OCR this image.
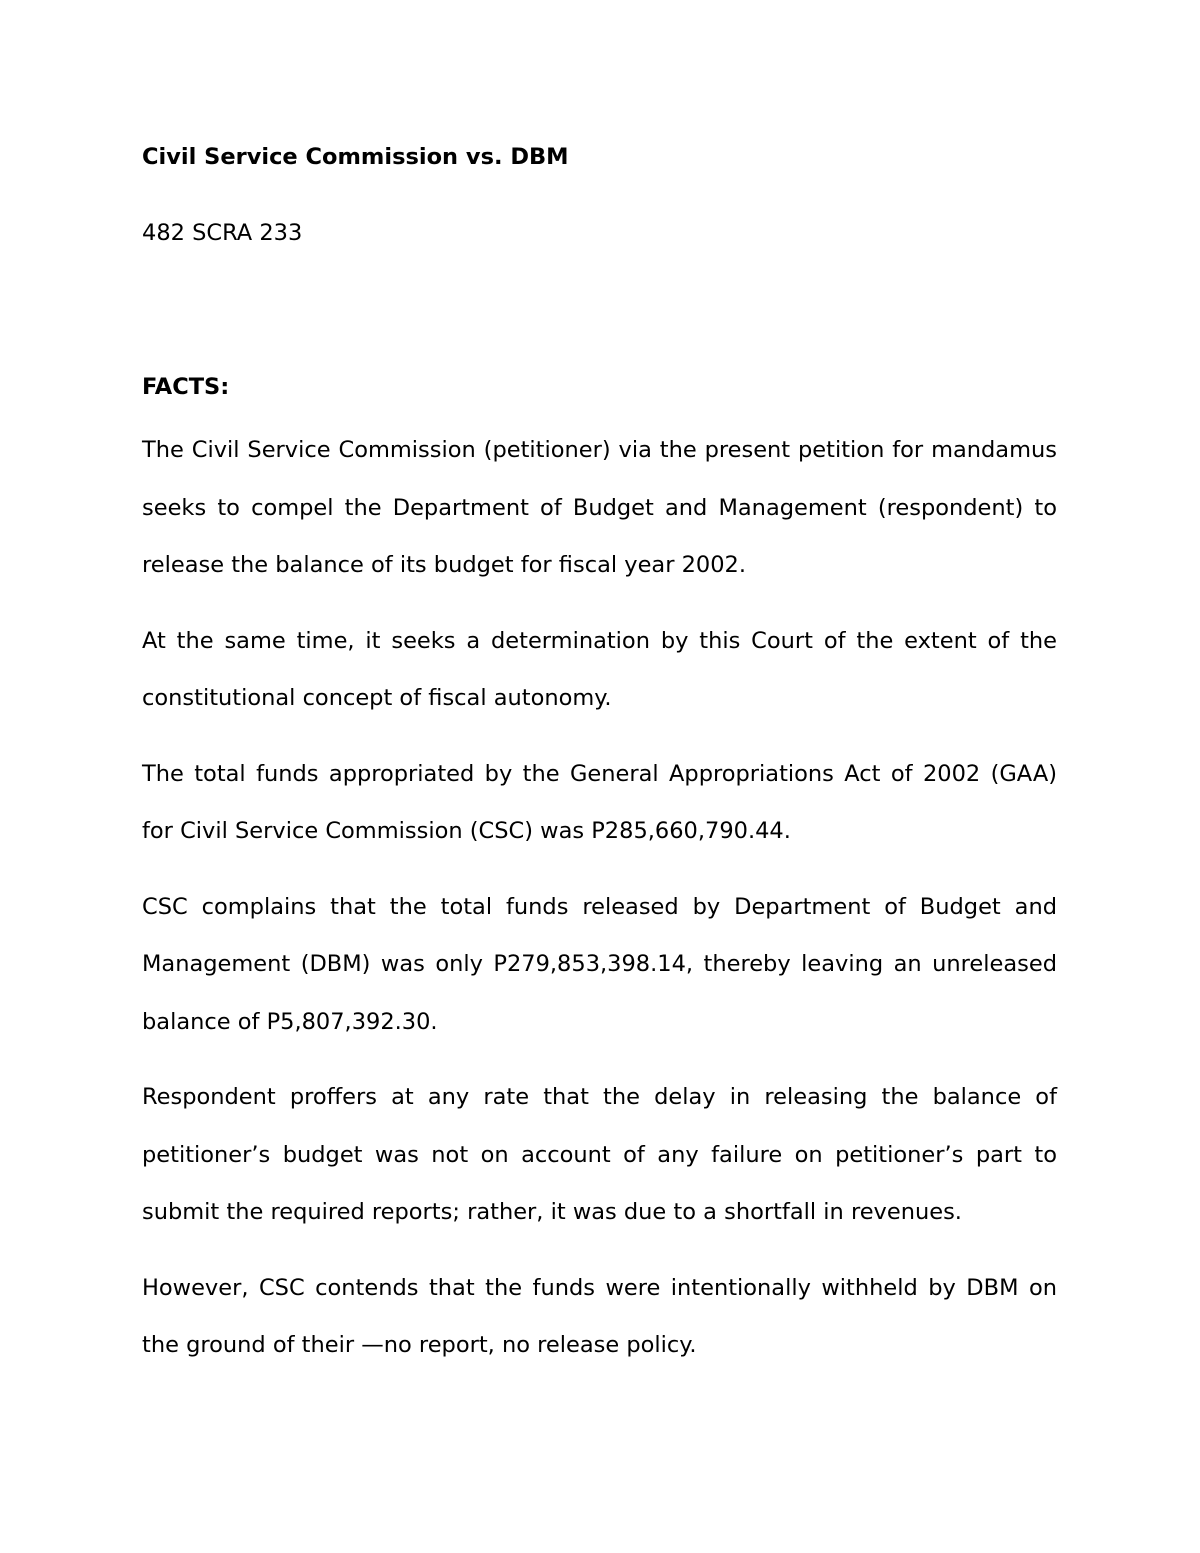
Civil Service Commission vs. DBM

482 SCRA 233

FACTS:

The Civil Service Commission (petitioner) via the present petition for mandamus seeks to compel the Department of Budget and Management (respondent) to release the balance of its budget for fiscal year 2002.

At the same time, it seeks a determination by this Court of the extent of the constitutional concept of fiscal autonomy.

The total funds appropriated by the General Appropriations Act of 2002 (GAA) for Civil Service Commission (CSC) was P285,660,790.44.

CSC complains that the total funds released by Department of Budget and Management (DBM) was only P279,853,398.14, thereby leaving an unreleased balance of P5,807,392.30.

Respondent proffers at any rate that the delay in releasing the balance of petitioner’s budget was not on account of any failure on petitioner’s part to submit the required reports; rather, it was due to a shortfall in revenues.

However, CSC contends that the funds were intentionally withheld by DBM on the ground of their —no report, no release policy.
